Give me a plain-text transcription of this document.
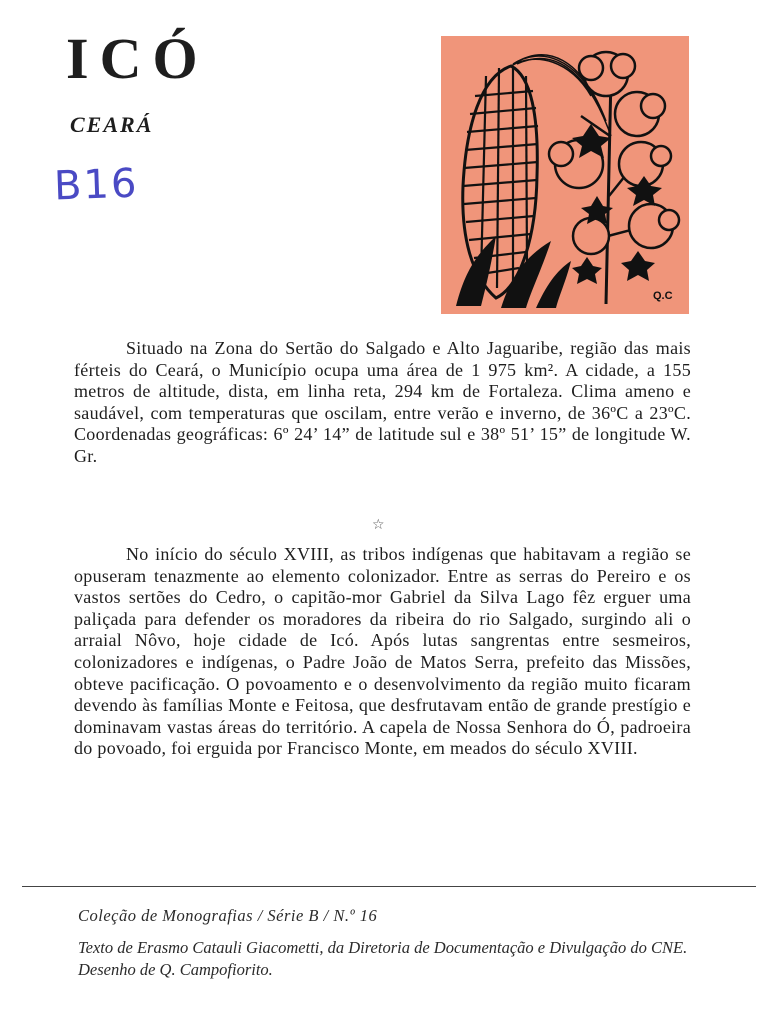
ICÓ
CEARÁ
B16
Q.C

Situado na Zona do Sertão do Salgado e Alto Jaguaribe, região das mais férteis do Ceará, o Município ocupa uma área de 1 975 km². A cidade, a 155 metros de altitude, dista, em linha reta, 294 km de Fortaleza. Clima ameno e saudável, com temperaturas que oscilam, entre verão e inverno, de 36ºC a 23ºC. Coordenadas geográficas: 6º 24’ 14” de latitude sul e 38º 51’ 15” de longitude W. Gr.

☆

No início do século XVIII, as tribos indígenas que habitavam a região se opuseram tenazmente ao elemento colonizador. Entre as serras do Pereiro e os vastos sertões do Cedro, o capitão-mor Gabriel da Silva Lago fêz erguer uma paliçada para defender os moradores da ribeira do rio Salgado, surgindo ali o arraial Nôvo, hoje cidade de Icó. Após lutas sangrentas entre sesmeiros, colonizadores e indígenas, o Padre João de Matos Serra, prefeito das Missões, obteve pacificação. O povoamento e o desenvolvimento da região muito ficaram devendo às famílias Monte e Feitosa, que desfrutavam então de grande prestígio e dominavam vastas áreas do território. A capela de Nossa Senhora do Ó, padroeira do povoado, foi erguida por Francisco Monte, em meados do século XVIII.

Coleção de Monografias / Série B / N.º 16
Texto de Erasmo Catauli Giacometti, da Diretoria de Documentação e Divulgação do CNE. Desenho de Q. Campofiorito.
